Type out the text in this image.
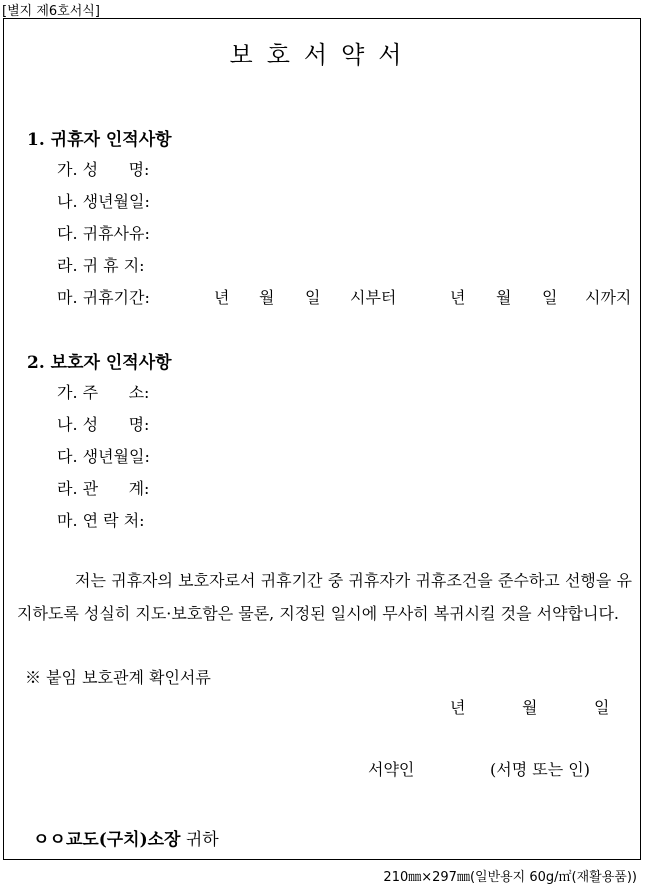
[별지 제6호서식]
보호서약서
1. 귀휴자 인적사항
가. 성      명:
나. 생년월일:
다. 귀휴사유:
라. 귀 휴 지:
마. 귀휴기간:	년 월 일 시부터	년 월 일 시까지
2. 보호자 인적사항
가. 주      소:
나. 성      명:
다. 생년월일:
라. 관      계:
마. 연 락 처:
저는 귀휴자의 보호자로서 귀휴기간 중 귀휴자가 귀휴조건을 준수하고 선행을 유지하도록 성실히 지도·보호함은 물론, 지정된 일시에 무사히 복귀시킬 것을 서약합니다.
※ 붙임 보호관계 확인서류
년	월	일
서약인	(서명 또는 인)
ㅇㅇ교도(구치)소장 귀하
210㎜×297㎜(일반용지 60g/㎡(재활용품))
